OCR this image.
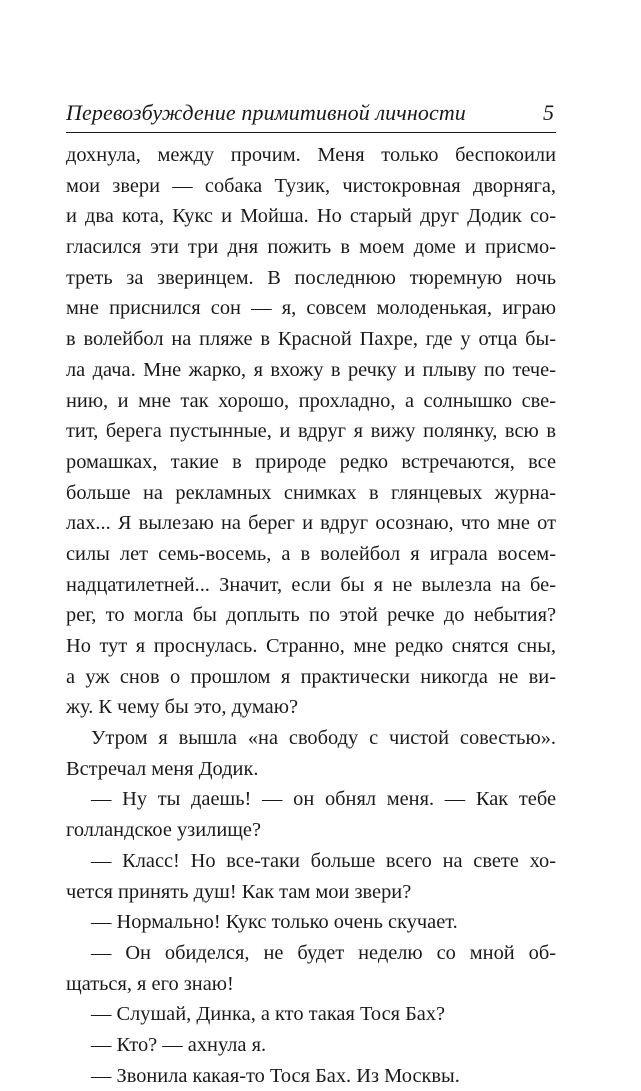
Перевозбуждение примитивной личности	5
дохнула, между прочим. Меня только беспокоили
мои звери — собака Тузик, чистокровная дворняга,
и два кота, Кукс и Мойша. Но старый друг Додик со-
гласился эти три дня пожить в моем доме и присмо-
треть за зверинцем. В последнюю тюремную ночь
мне приснился сон — я, совсем молоденькая, играю
в волейбол на пляже в Красной Пахре, где у отца бы-
ла дача. Мне жарко, я вхожу в речку и плыву по тече-
нию, и мне так хорошо, прохладно, а солнышко све-
тит, берега пустынные, и вдруг я вижу полянку, всю в
ромашках, такие в природе редко встречаются, все
больше на рекламных снимках в глянцевых журна-
лах... Я вылезаю на берег и вдруг осознаю, что мне от
силы лет семь-восемь, а в волейбол я играла восем-
надцатилетней... Значит, если бы я не вылезла на бе-
рег, то могла бы доплыть по этой речке до небытия?
Но тут я проснулась. Странно, мне редко снятся сны,
а уж снов о прошлом я практически никогда не ви-
жу. К чему бы это, думаю?
Утром я вышла «на свободу с чистой совестью».
Встречал меня Додик.
— Ну ты даешь! — он обнял меня. — Как тебе
голландское узилище?
— Класс! Но все-таки больше всего на свете хо-
чется принять душ! Как там мои звери?
— Нормально! Кукс только очень скучает.
— Он обиделся, не будет неделю со мной об-
щаться, я его знаю!
— Слушай, Динка, а кто такая Тося Бах?
— Кто? — ахнула я.
— Звонила какая-то Тося Бах. Из Москвы.
